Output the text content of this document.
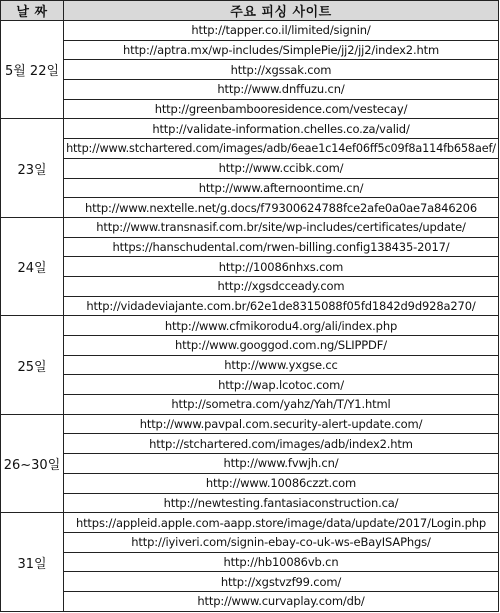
날 짜	주요 피싱 사이트
5월 22일	http://tapper.co.il/limited/signin/
	http://aptra.mx/wp-includes/SimplePie/jj2/jj2/index2.htm
	http://xgssak.com
	http://www.dnffuzu.cn/
	http://greenbambooresidence.com/vestecay/
23일	http://validate-information.chelles.co.za/valid/
	http://www.stchartered.com/images/adb/6eae1c14ef06ff5c09f8a114fb658aef/
	http://www.ccibk.com/
	http://www.afternoontime.cn/
	http://www.nextelle.net/g.docs/f79300624788fce2afe0a0ae7a846206
24일	http://www.transnasif.com.br/site/wp-includes/certificates/update/
	https://hanschudental.com/rwen-billing.config138435-2017/
	http://10086nhxs.com
	http://xgsdcceady.com
	http://vidadeviajante.com.br/62e1de8315088f05fd1842d9d928a270/
25일	http://www.cfmikorodu4.org/ali/index.php
	http://www.googgod.com.ng/SLIPPDF/
	http://www.yxgse.cc
	http://wap.lcotoc.com/
	http://sometra.com/yahz/Yah/T/Y1.html
26~30일	http://www.pavpal.com.security-alert-update.com/
	http://stchartered.com/images/adb/index2.htm
	http://www.fvwjh.cn/
	http://www.10086czzt.com
	http://newtesting.fantasiaconstruction.ca/
31일	https://appleid.apple.com-aapp.store/image/data/update/2017/Login.php
	http://iyiveri.com/signin-ebay-co-uk-ws-eBayISAPhgs/
	http://hb10086vb.cn
	http://xgstvzf99.com/
	http://www.curvaplay.com/db/
